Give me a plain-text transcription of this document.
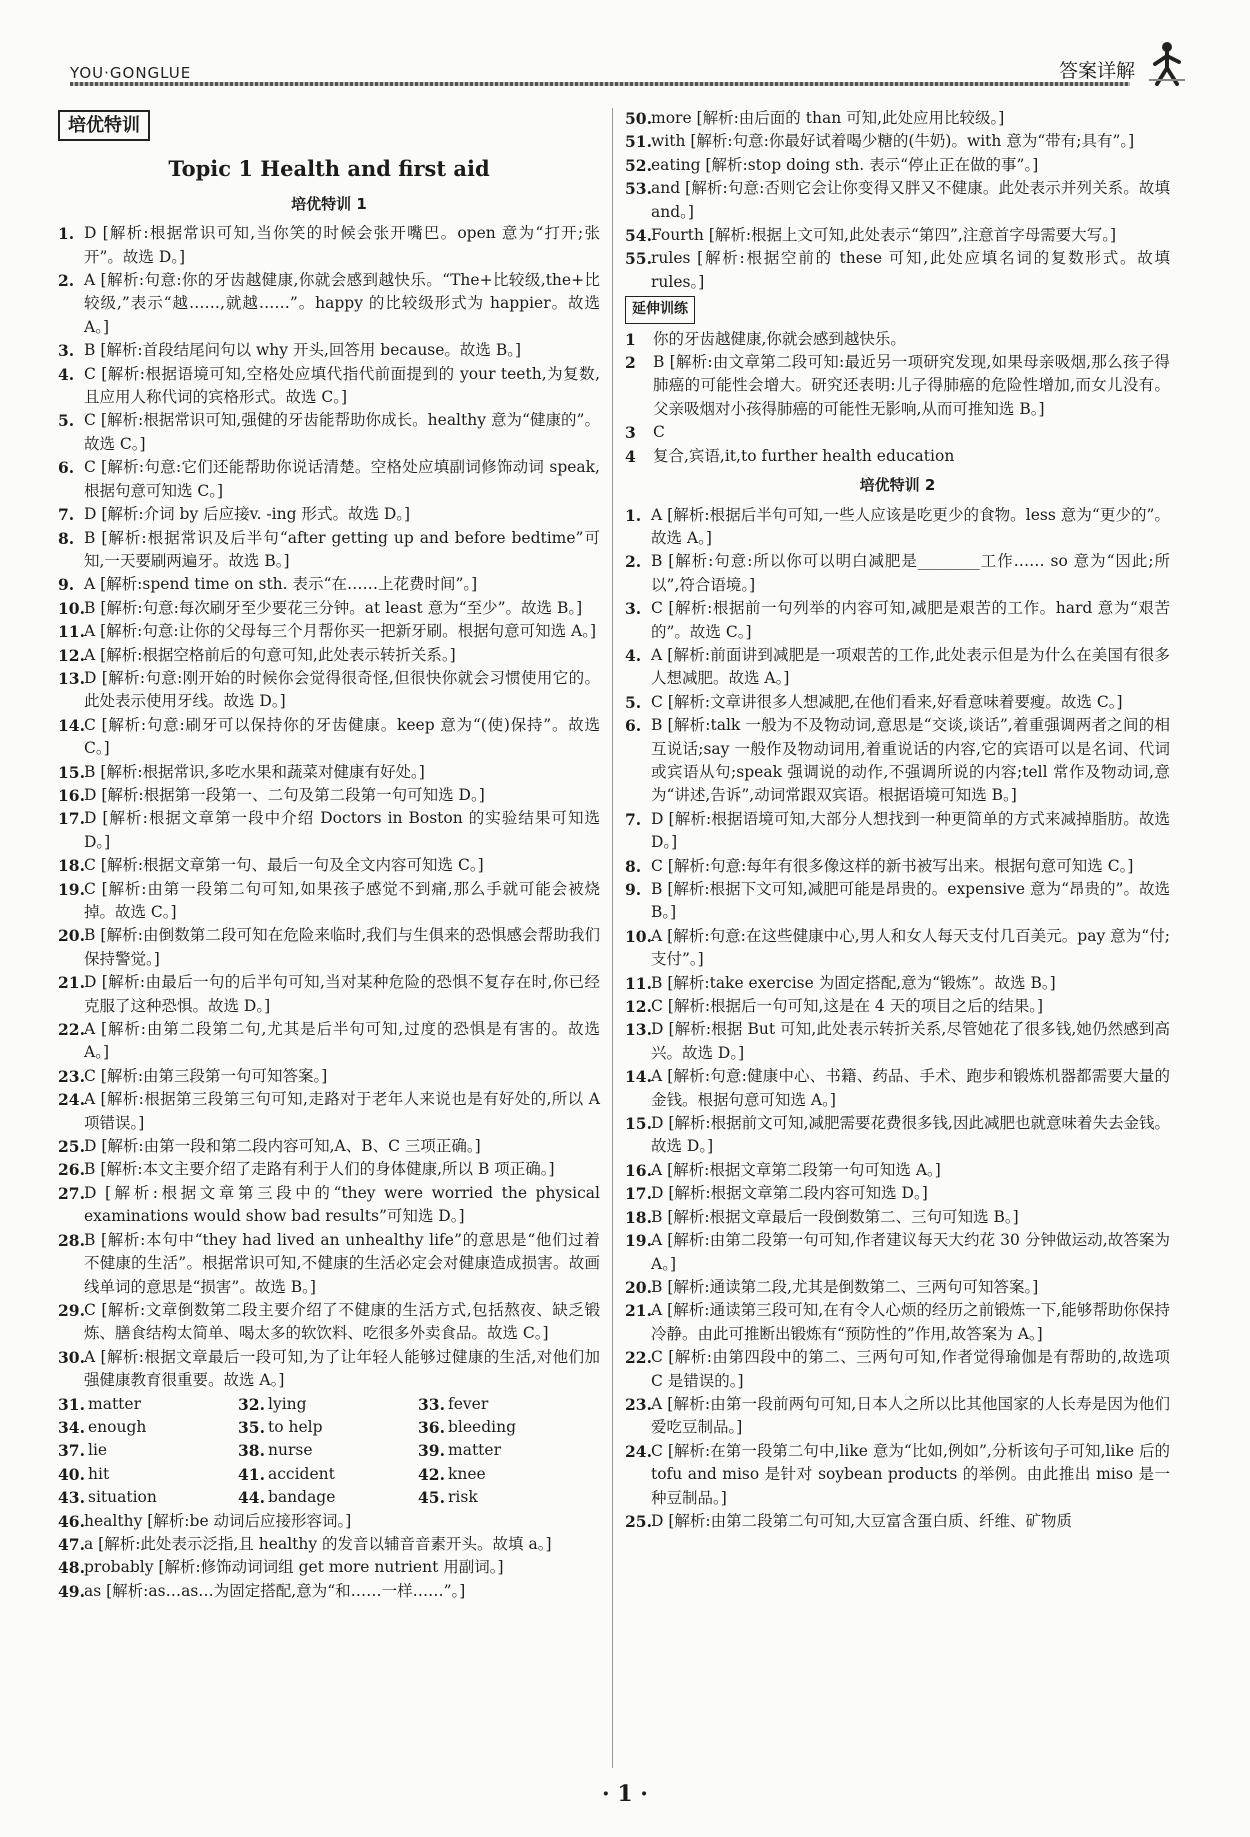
YOU·GONGLUE	答案详解
培优特训
Topic 1 Health and first aid
培优特训 1
1. D [解析:根据常识可知,当你笑的时候会张开嘴巴。open 意为“打开;张开”。故选 D。]
2. A [解析:句意:你的牙齿越健康,你就会感到越快乐。“The+比较级,the+比较级,”表示“越……,就越……”。happy 的比较级形式为 happier。故选 A。]
3. B [解析:首段结尾问句以 why 开头,回答用 because。故选 B。]
4. C [解析:根据语境可知,空格处应填代指代前面提到的 your teeth,为复数,且应用人称代词的宾格形式。故选 C。]
5. C [解析:根据常识可知,强健的牙齿能帮助你成长。healthy 意为“健康的”。故选 C。]
6. C [解析:句意:它们还能帮助你说话清楚。空格处应填副词修饰动词 speak,根据句意可知选 C。]
7. D [解析:介词 by 后应接v. -ing 形式。故选 D。]
8. B [解析:根据常识及后半句“after getting up and before bedtime”可知,一天要刷两遍牙。故选 B。]
9. A [解析:spend time on sth. 表示“在……上花费时间”。]
10. B [解析:句意:每次刷牙至少要花三分钟。at least 意为“至少”。故选 B。]
11. A [解析:句意:让你的父母每三个月帮你买一把新牙刷。根据句意可知选 A。]
12. A [解析:根据空格前后的句意可知,此处表示转折关系。]
13. D [解析:句意:刚开始的时候你会觉得很奇怪,但很快你就会习惯使用它的。此处表示使用牙线。故选 D。]
14. C [解析:句意:刷牙可以保持你的牙齿健康。keep 意为“(使)保持”。故选 C。]
15. B [解析:根据常识,多吃水果和蔬菜对健康有好处。]
16. D [解析:根据第一段第一、二句及第二段第一句可知选 D。]
17. D [解析:根据文章第一段中介绍 Doctors in Boston 的实验结果可知选 D。]
18. C [解析:根据文章第一句、最后一句及全文内容可知选 C。]
19. C [解析:由第一段第二句可知,如果孩子感觉不到痛,那么手就可能会被烧掉。故选 C。]
20. B [解析:由倒数第二段可知在危险来临时,我们与生俱来的恐惧感会帮助我们保持警觉。]
21. D [解析:由最后一句的后半句可知,当对某种危险的恐惧不复存在时,你已经克服了这种恐惧。故选 D。]
22. A [解析:由第二段第二句,尤其是后半句可知,过度的恐惧是有害的。故选 A。]
23. C [解析:由第三段第一句可知答案。]
24. A [解析:根据第三段第三句可知,走路对于老年人来说也是有好处的,所以 A 项错误。]
25. D [解析:由第一段和第二段内容可知,A、B、C 三项正确。]
26. B [解析:本文主要介绍了走路有利于人们的身体健康,所以 B 项正确。]
27. D [解析:根据文章第三段中的“they were worried the physical examinations would show bad results”可知选 D。]
28. B [解析:本句中“they had lived an unhealthy life”的意思是“他们过着不健康的生活”。根据常识可知,不健康的生活必定会对健康造成损害。故画线单词的意思是“损害”。故选 B。]
29. C [解析:文章倒数第二段主要介绍了不健康的生活方式,包括熬夜、缺乏锻炼、膳食结构太简单、喝太多的软饮料、吃很多外卖食品。故选 C。]
30. A [解析:根据文章最后一段可知,为了让年轻人能够过健康的生活,对他们加强健康教育很重要。故选 A。]
31. matter	32. lying	33. fever
34. enough	35. to help	36. bleeding
37. lie	38. nurse	39. matter
40. hit	41. accident	42. knee
43. situation	44. bandage	45. risk
46. healthy [解析:be 动词后应接形容词。]
47. a [解析:此处表示泛指,且 healthy 的发音以辅音音素开头。故填 a。]
48. probably [解析:修饰动词词组 get more nutrient 用副词。]
49. as [解析:as…as…为固定搭配,意为“和……一样……”。]
50. more [解析:由后面的 than 可知,此处应用比较级。]
51. with [解析:句意:你最好试着喝少糖的(牛奶)。with 意为“带有;具有”。]
52. eating [解析:stop doing sth. 表示“停止正在做的事”。]
53. and [解析:句意:否则它会让你变得又胖又不健康。此处表示并列关系。故填 and。]
54. Fourth [解析:根据上文可知,此处表示“第四”,注意首字母需要大写。]
55. rules [解析:根据空前的 these 可知,此处应填名词的复数形式。故填 rules。]
延伸训练
1	你的牙齿越健康,你就会感到越快乐。
2	B [解析:由文章第二段可知:最近另一项研究发现,如果母亲吸烟,那么孩子得肺癌的可能性会增大。研究还表明:儿子得肺癌的危险性增加,而女儿没有。父亲吸烟对小孩得肺癌的可能性无影响,从而可推知选 B。]
3	C
4	复合,宾语,it,to further health education
培优特训 2
1. A [解析:根据后半句可知,一些人应该是吃更少的食物。less 意为“更少的”。故选 A。]
2. B [解析:句意:所以你可以明白减肥是________工作…… so 意为“因此;所以”,符合语境。]
3. C [解析:根据前一句列举的内容可知,减肥是艰苦的工作。hard 意为“艰苦的”。故选 C。]
4. A [解析:前面讲到减肥是一项艰苦的工作,此处表示但是为什么在美国有很多人想减肥。故选 A。]
5. C [解析:文章讲很多人想减肥,在他们看来,好看意味着要瘦。故选 C。]
6. B [解析:talk 一般为不及物动词,意思是“交谈,谈话”,着重强调两者之间的相互说话;say 一般作及物动词用,着重说话的内容,它的宾语可以是名词、代词或宾语从句;speak 强调说的动作,不强调所说的内容;tell 常作及物动词,意为“讲述,告诉”,动词常跟双宾语。根据语境可知选 B。]
7. D [解析:根据语境可知,大部分人想找到一种更简单的方式来减掉脂肪。故选 D。]
8. C [解析:句意:每年有很多像这样的新书被写出来。根据句意可知选 C。]
9. B [解析:根据下文可知,减肥可能是昂贵的。expensive 意为“昂贵的”。故选 B。]
10. A [解析:句意:在这些健康中心,男人和女人每天支付几百美元。pay 意为“付;支付”。]
11. B [解析:take exercise 为固定搭配,意为“锻炼”。故选 B。]
12. C [解析:根据后一句可知,这是在 4 天的项目之后的结果。]
13. D [解析:根据 But 可知,此处表示转折关系,尽管她花了很多钱,她仍然感到高兴。故选 D。]
14. A [解析:句意:健康中心、书籍、药品、手术、跑步和锻炼机器都需要大量的金钱。根据句意可知选 A。]
15. D [解析:根据前文可知,减肥需要花费很多钱,因此减肥也就意味着失去金钱。故选 D。]
16. A [解析:根据文章第二段第一句可知选 A。]
17. D [解析:根据文章第二段内容可知选 D。]
18. B [解析:根据文章最后一段倒数第二、三句可知选 B。]
19. A [解析:由第二段第一句可知,作者建议每天大约花 30 分钟做运动,故答案为 A。]
20. B [解析:通读第二段,尤其是倒数第二、三两句可知答案。]
21. A [解析:通读第三段可知,在有令人心烦的经历之前锻炼一下,能够帮助你保持冷静。由此可推断出锻炼有“预防性的”作用,故答案为 A。]
22. C [解析:由第四段中的第二、三两句可知,作者觉得瑜伽是有帮助的,故选项 C 是错误的。]
23. A [解析:由第一段前两句可知,日本人之所以比其他国家的人长寿是因为他们爱吃豆制品。]
24. C [解析:在第一段第二句中,like 意为“比如,例如”,分析该句子可知,like 后的 tofu and miso 是针对 soybean products 的举例。由此推出 miso 是一种豆制品。]
25. D [解析:由第二段第二句可知,大豆富含蛋白质、纤维、矿物质
· 1 ·
